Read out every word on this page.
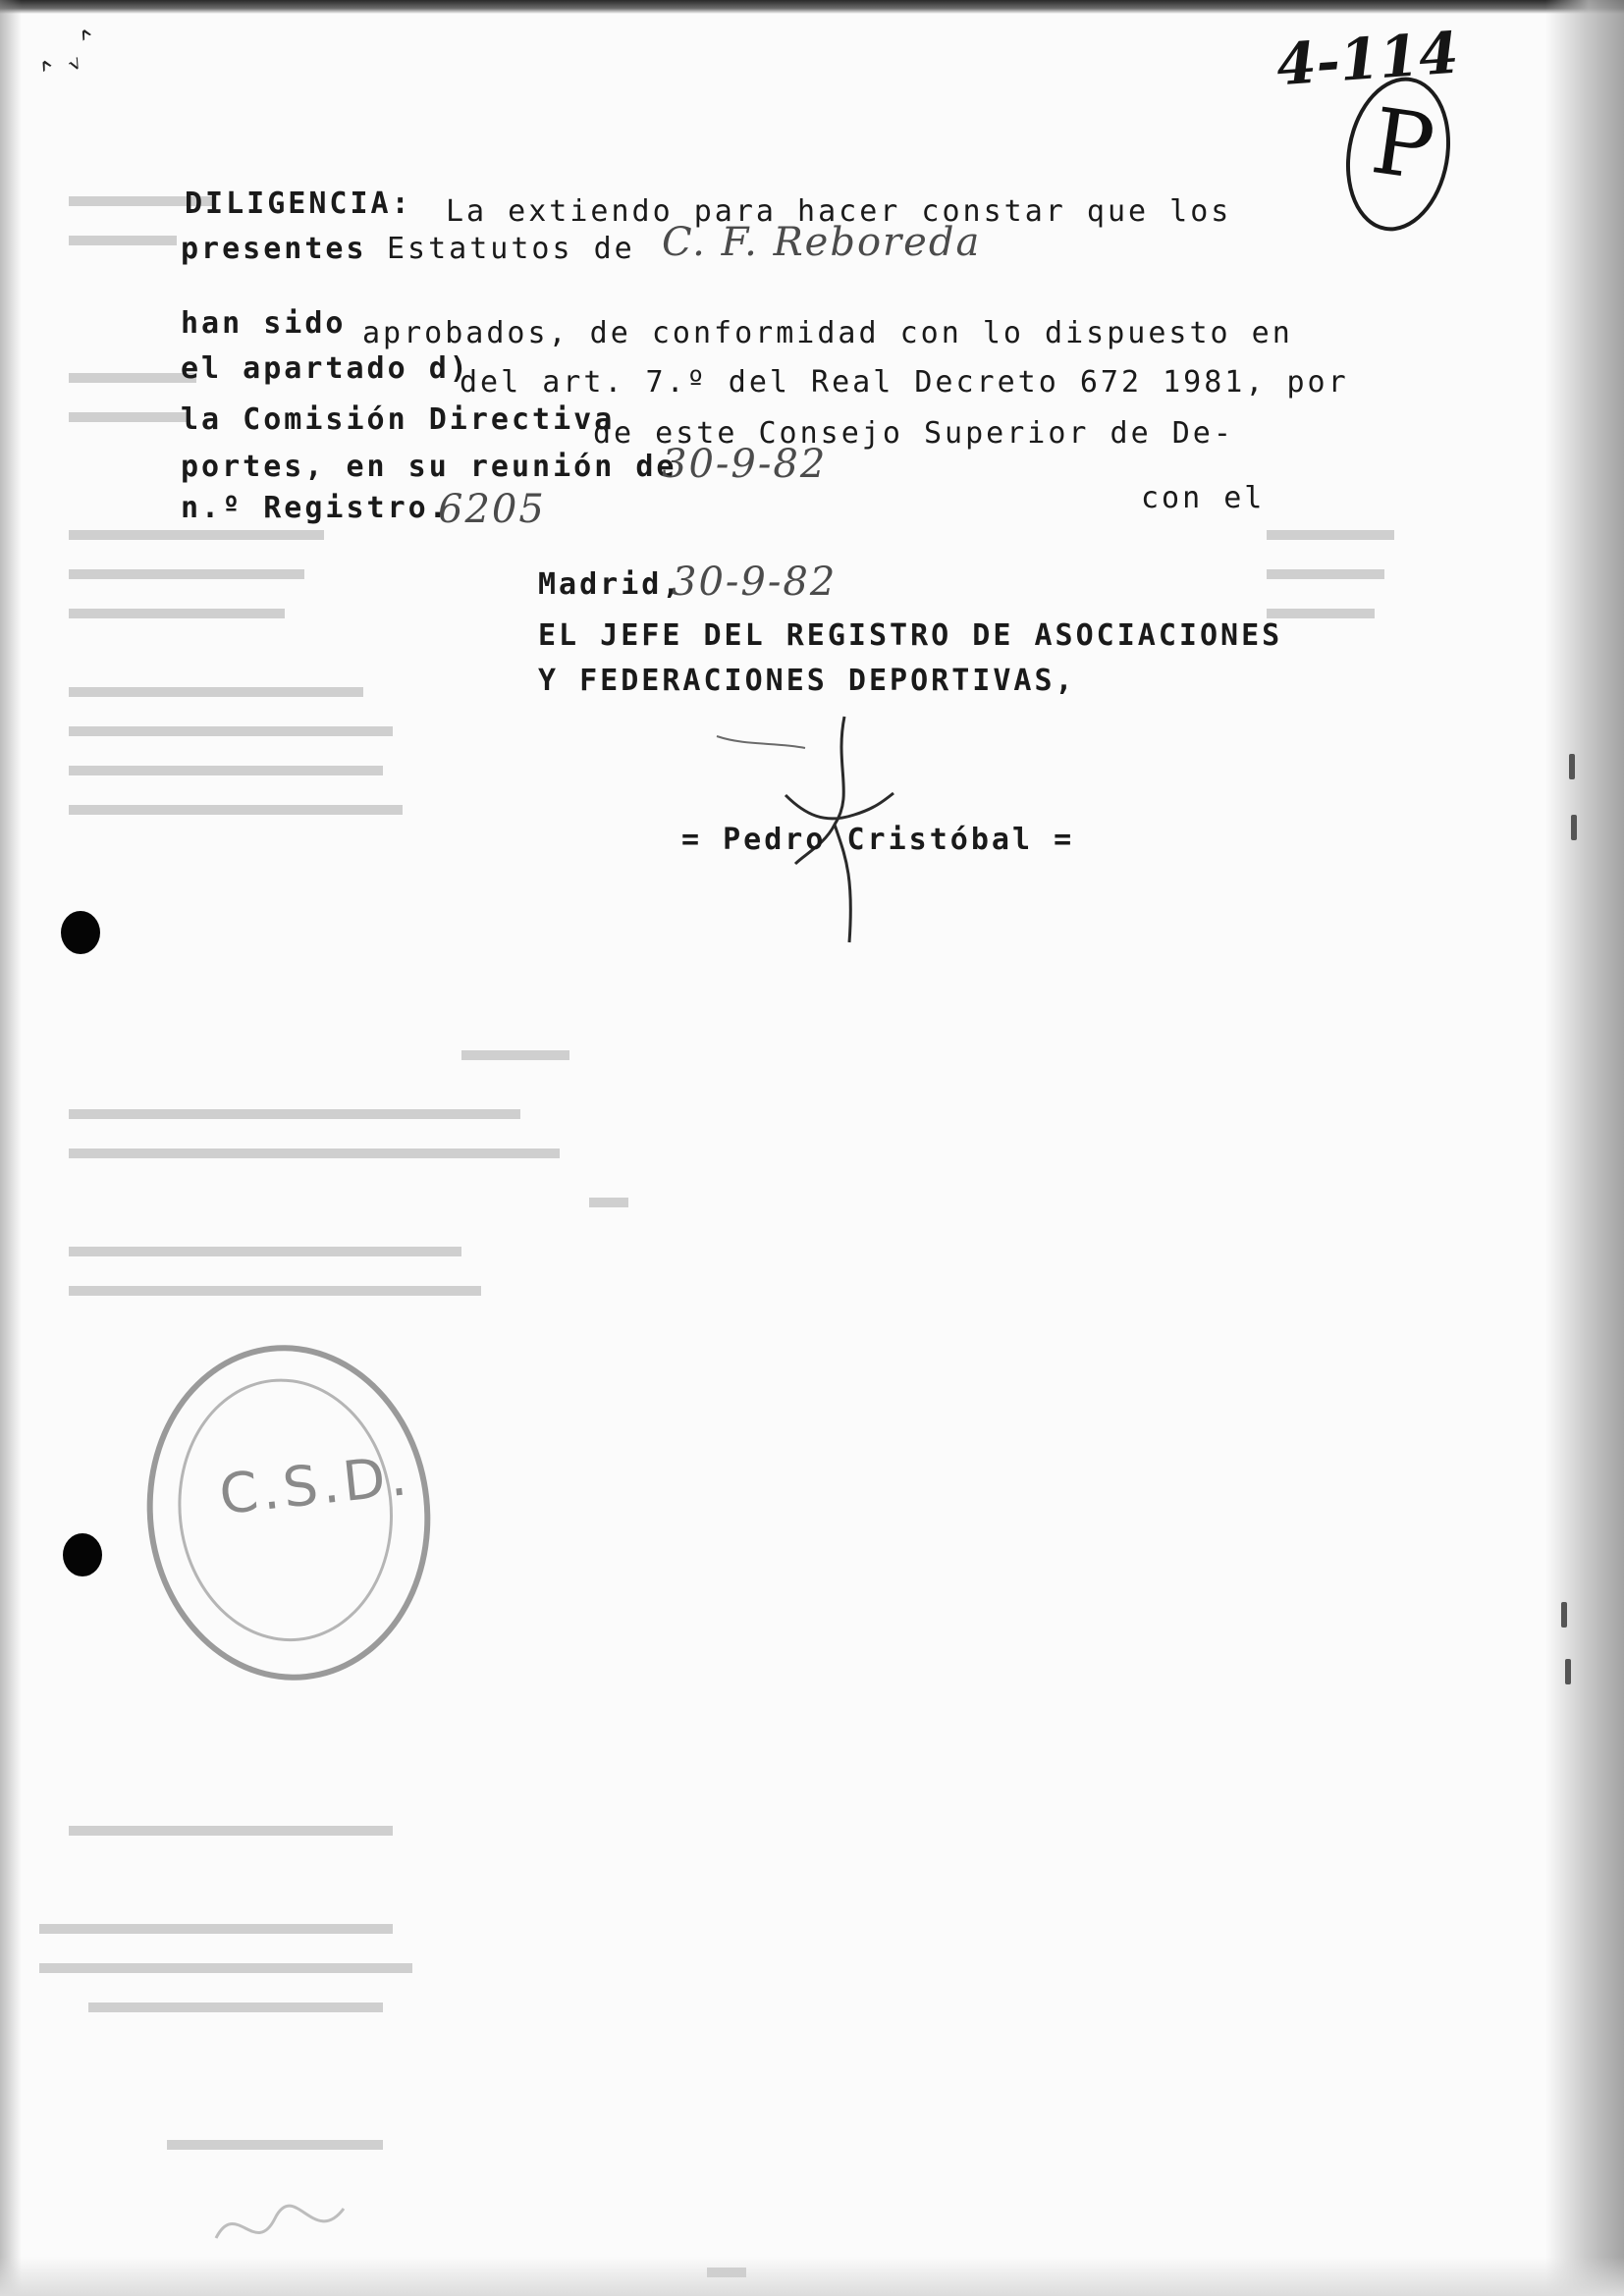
˄ ᵥ ˄	4-114
P
DILIGENCIA: La extiendo para hacer constar que los
presentes Estatutos de C. F. Reboreda
han sido aprobados, de conformidad con lo dispuesto en
el apartado d)
del art. 7.º del Real Decreto 672 1981, por
la Comisión Directiva
de este Consejo Superior de De-
portes, en su reunión de
30-9-82
con el
n.º Registro.
6205
Madrid,
30-9-82
EL JEFE DEL REGISTRO DE ASOCIACIONES
Y FEDERACIONES DEPORTIVAS,
= Pedro Cristóbal =
C.S.D.
